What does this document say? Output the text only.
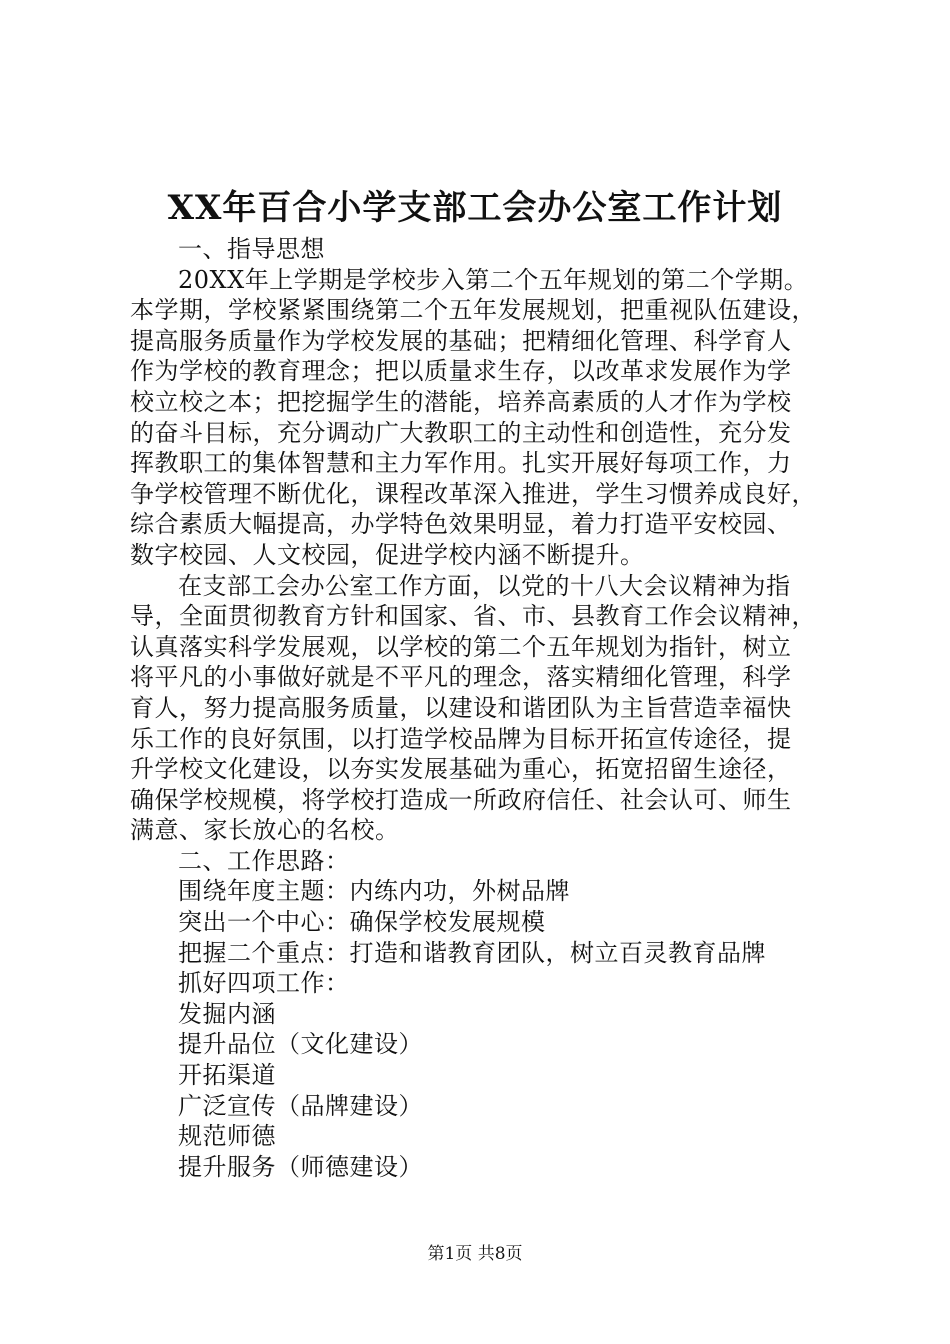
XX年百合小学支部工会办公室工作计划
一、指导思想
20XX年上学期是学校步入第二个五年规划的第二个学期。
本学期，学校紧紧围绕第二个五年发展规划，把重视队伍建设，
提高服务质量作为学校发展的基础；把精细化管理、科学育人
作为学校的教育理念；把以质量求生存，以改革求发展作为学
校立校之本；把挖掘学生的潜能，培养高素质的人才作为学校
的奋斗目标，充分调动广大教职工的主动性和创造性，充分发
挥教职工的集体智慧和主力军作用。扎实开展好每项工作，力
争学校管理不断优化，课程改革深入推进，学生习惯养成良好，
综合素质大幅提高，办学特色效果明显，着力打造平安校园、
数字校园、人文校园，促进学校内涵不断提升。
在支部工会办公室工作方面，以党的十八大会议精神为指
导，全面贯彻教育方针和国家、省、市、县教育工作会议精神，
认真落实科学发展观，以学校的第二个五年规划为指针，树立
将平凡的小事做好就是不平凡的理念，落实精细化管理，科学
育人，努力提高服务质量，以建设和谐团队为主旨营造幸福快
乐工作的良好氛围，以打造学校品牌为目标开拓宣传途径，提
升学校文化建设，以夯实发展基础为重心，拓宽招留生途径，
确保学校规模，将学校打造成一所政府信任、社会认可、师生
满意、家长放心的名校。
二、工作思路：
围绕年度主题：内练内功，外树品牌
突出一个中心：确保学校发展规模
把握二个重点：打造和谐教育团队，树立百灵教育品牌
抓好四项工作：
发掘内涵
提升品位（文化建设）
开拓渠道
广泛宣传（品牌建设）
规范师德
提升服务（师德建设）
第1页 共8页
